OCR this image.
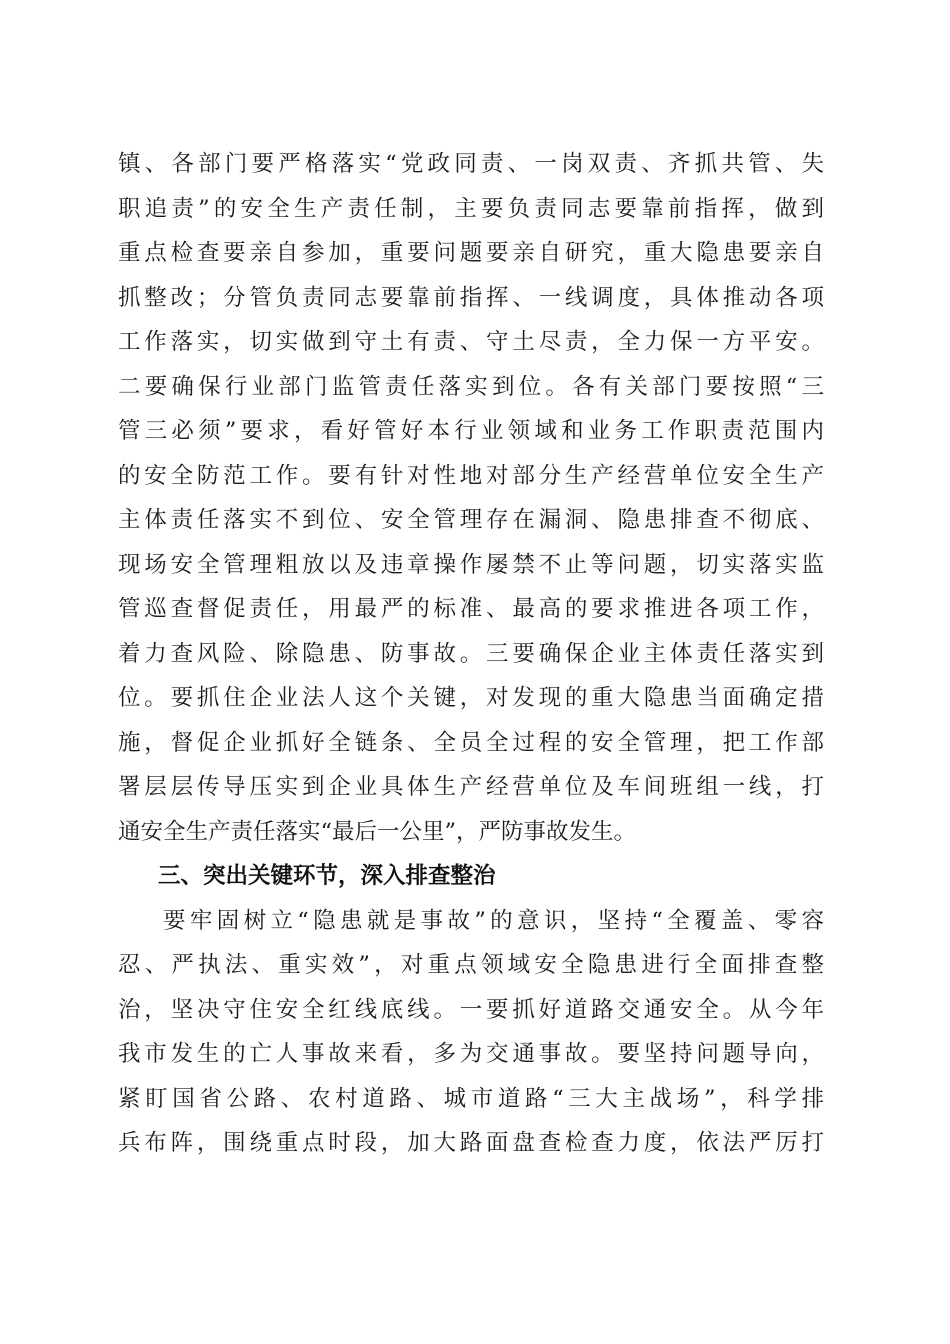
镇、各部门要严格落实“党政同责、一岗双责、齐抓共管、失
职追责”的安全生产责任制，主要负责同志要靠前指挥，做到
重点检查要亲自参加，重要问题要亲自研究，重大隐患要亲自
抓整改；分管负责同志要靠前指挥、一线调度，具体推动各项
工作落实，切实做到守土有责、守土尽责，全力保一方平安。
二要确保行业部门监管责任落实到位。各有关部门要按照“三
管三必须”要求，看好管好本行业领域和业务工作职责范围内
的安全防范工作。要有针对性地对部分生产经营单位安全生产
主体责任落实不到位、安全管理存在漏洞、隐患排查不彻底、
现场安全管理粗放以及违章操作屡禁不止等问题，切实落实监
管巡查督促责任，用最严的标准、最高的要求推进各项工作，
着力查风险、除隐患、防事故。三要确保企业主体责任落实到
位。要抓住企业法人这个关键，对发现的重大隐患当面确定措
施，督促企业抓好全链条、全员全过程的安全管理，把工作部
署层层传导压实到企业具体生产经营单位及车间班组一线，打
通安全生产责任落实“最后一公里”，严防事故发生。
三、突出关键环节，深入排查整治
要牢固树立“隐患就是事故”的意识，坚持“全覆盖、零容
忍、严执法、重实效”，对重点领域安全隐患进行全面排查整
治，坚决守住安全红线底线。一要抓好道路交通安全。从今年
我市发生的亡人事故来看，多为交通事故。要坚持问题导向，
紧盯国省公路、农村道路、城市道路“三大主战场”，科学排
兵布阵，围绕重点时段，加大路面盘查检查力度，依法严厉打
